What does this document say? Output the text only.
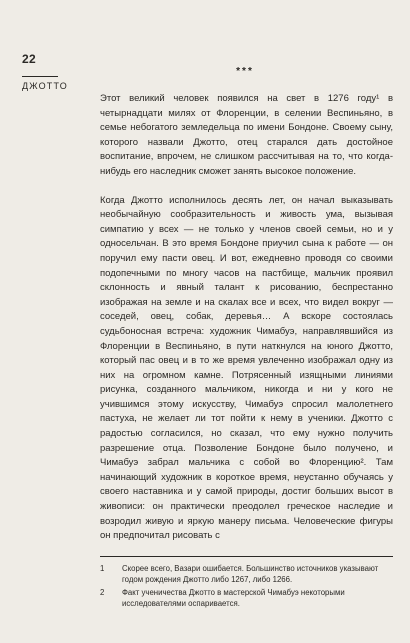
22
ДЖОТТО
***

Этот великий человек появился на свет в 1276 году¹ в четырнадцати милях от Флоренции, в селении Веспиньяно, в семье небогатого земледельца по имени Бондоне. Своему сыну, которого назвали Джотто, отец старался дать достойное воспитание, впрочем, не слишком рассчитывая на то, что когда-нибудь его наследник сможет занять высокое положение.

Когда Джотто исполнилось десять лет, он начал выказывать необычайную сообразительность и живость ума, вызывая симпатию у всех — не только у членов своей семьи, но и у односельчан. В это время Бондоне приучил сына к работе — он поручил ему пасти овец. И вот, ежедневно проводя со своими подопечными по многу часов на пастбище, мальчик проявил склонность и явный талант к рисованию, беспрестанно изображая на земле и на скалах все и всех, что видел вокруг — соседей, овец, собак, деревья… А вскоре состоялась судьбоносная встреча: художник Чимабуэ, направлявшийся из Флоренции в Веспиньяно, в пути наткнулся на юного Джотто, который пас овец и в то же время увлеченно изображал одну из них на огромном камне. Потрясенный изящными линиями рисунка, созданного мальчиком, никогда и ни у кого не учившимся этому искусству, Чимабуэ спросил малолетнего пастуха, не желает ли тот пойти к нему в ученики. Джотто с радостью согласился, но сказал, что ему нужно получить разрешение отца. Позволение Бондоне было получено, и Чимабуэ забрал мальчика с собой во Флоренцию². Там начинающий художник в короткое время, неустанно обучаясь у своего наставника и у самой природы, достиг больших высот в живописи: он практически преодолел греческое наследие и возродил живую и яркую манеру письма. Человеческие фигуры он предпочитал рисовать с

1	Скорее всего, Вазари ошибается. Большинство источников указывают годом рождения Джотто либо 1267, либо 1266.
2	Факт ученичества Джотто в мастерской Чимабуэ некоторыми исследователями оспаривается.
